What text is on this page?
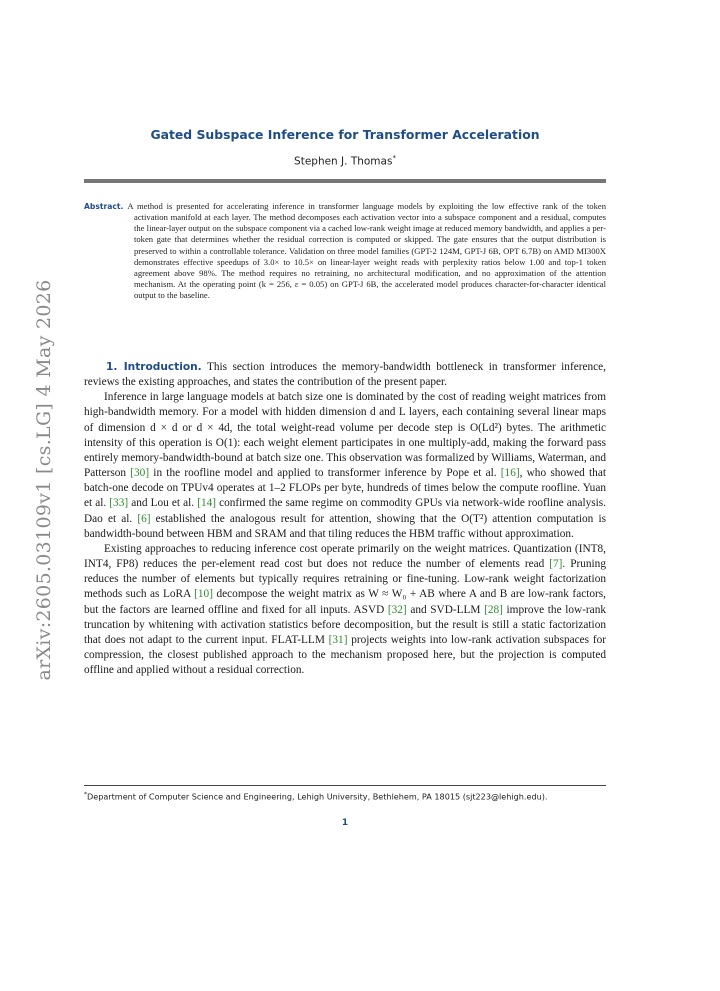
arXiv:2605.03109v1 [cs.LG] 4 May 2026
Gated Subspace Inference for Transformer Acceleration
Stephen J. Thomas*
Abstract. A method is presented for accelerating inference in transformer language models by exploiting the low effective rank of the token activation manifold at each layer. The method decomposes each activation vector into a subspace component and a residual, computes the linear-layer output on the subspace component via a cached low-rank weight image at reduced memory bandwidth, and applies a per-token gate that determines whether the residual correction is computed or skipped. The gate ensures that the output distribution is preserved to within a controllable tolerance. Validation on three model families (GPT-2 124M, GPT-J 6B, OPT 6.7B) on AMD MI300X demonstrates effective speedups of 3.0× to 10.5× on linear-layer weight reads with perplexity ratios below 1.00 and top-1 token agreement above 98%. The method requires no retraining, no architectural modification, and no approximation of the attention mechanism. At the operating point (k = 256, ε = 0.05) on GPT-J 6B, the accelerated model produces character-for-character identical output to the baseline.

1. Introduction. This section introduces the memory-bandwidth bottleneck in transformer inference, reviews the existing approaches, and states the contribution of the present paper.

Inference in large language models at batch size one is dominated by the cost of reading weight matrices from high-bandwidth memory. For a model with hidden dimension d and L layers, each containing several linear maps of dimension d × d or d × 4d, the total weight-read volume per decode step is O(Ld²) bytes. The arithmetic intensity of this operation is O(1): each weight element participates in one multiply-add, making the forward pass entirely memory-bandwidth-bound at batch size one. This observation was formalized by Williams, Waterman, and Patterson [30] in the roofline model and applied to transformer inference by Pope et al. [16], who showed that batch-one decode on TPUv4 operates at 1–2 FLOPs per byte, hundreds of times below the compute roofline. Yuan et al. [33] and Lou et al. [14] confirmed the same regime on commodity GPUs via network-wide roofline analysis. Dao et al. [6] established the analogous result for attention, showing that the O(T²) attention computation is bandwidth-bound between HBM and SRAM and that tiling reduces the HBM traffic without approximation.

Existing approaches to reducing inference cost operate primarily on the weight matrices. Quantization (INT8, INT4, FP8) reduces the per-element read cost but does not reduce the number of elements read [7]. Pruning reduces the number of elements but typically requires retraining or fine-tuning. Low-rank weight factorization methods such as LoRA [10] decompose the weight matrix as W ≈ W₀ + AB where A and B are low-rank factors, but the factors are learned offline and fixed for all inputs. ASVD [32] and SVD-LLM [28] improve the low-rank truncation by whitening with activation statistics before decomposition, but the result is still a static factorization that does not adapt to the current input. FLAT-LLM [31] projects weights into low-rank activation subspaces for compression, the closest published approach to the mechanism proposed here, but the projection is computed offline and applied without a residual correction.

*Department of Computer Science and Engineering, Lehigh University, Bethlehem, PA 18015 (sjt223@lehigh.edu).
1
